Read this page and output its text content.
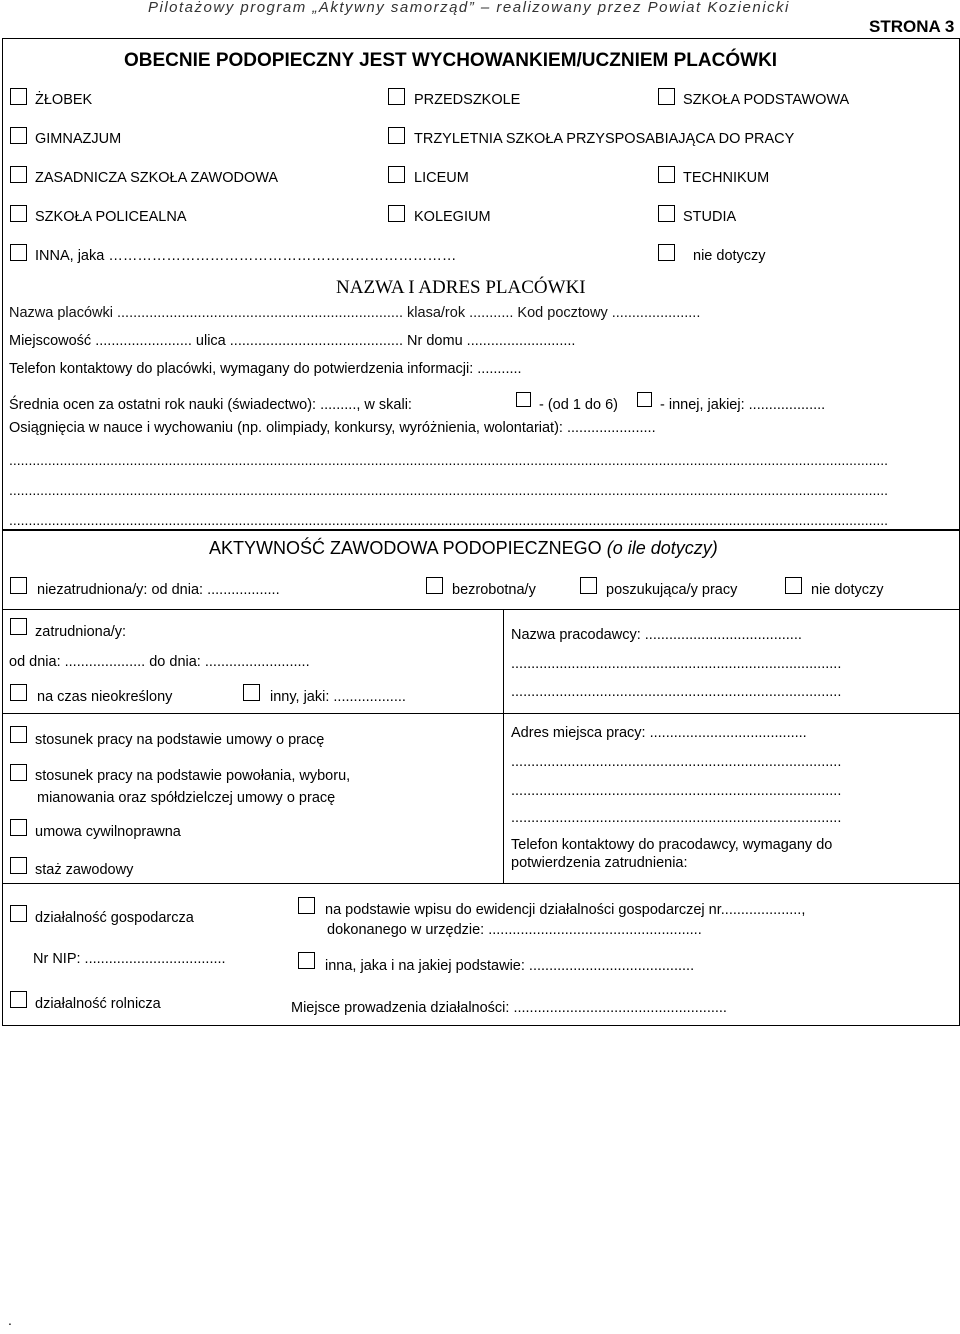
Pilotażowy program „Aktywny samorząd” – realizowany przez Powiat Kozienicki
STRONA 3
OBECNIE PODOPIECZNY JEST WYCHOWANKIEM/UCZNIEM PLACÓWKI
ŻŁOBEK	PRZEDSZKOLE	SZKOŁA PODSTAWOWA
GIMNAZJUM	TRZYLETNIA SZKOŁA PRZYSPOSABIAJĄCA DO PRACY
ZASADNICZA SZKOŁA ZAWODOWA	LICEUM	TECHNIKUM
SZKOŁA POLICEALNA	KOLEGIUM	STUDIA
INNA, jaka ………………………………………………………………	nie dotyczy
NAZWA I ADRES PLACÓWKI
Nazwa placówki ....................................................................... klasa/rok ........... Kod pocztowy ......................
Miejscowość ........................ ulica ........................................... Nr domu ...........................
Telefon kontaktowy do placówki, wymagany do potwierdzenia informacji: ...........
Średnia ocen za ostatni rok nauki (świadectwo): ........., w skali:	- (od 1 do 6)	- innej, jakiej: ...................
Osiągnięcia w nauce i wychowaniu (np. olimpiady, konkursy, wyróżnienia, wolontariat): ......................
..................................................................................................................................................................................................................................
..................................................................................................................................................................................................................................
..................................................................................................................................................................................................................................
AKTYWNOŚĆ ZAWODOWA PODOPIECZNEGO (o ile dotyczy)
niezatrudniona/y: od dnia: ..................	bezrobotna/y	poszukująca/y pracy	nie dotyczy
zatrudniona/y:
od dnia: .................... do dnia: ..........................
na czas nieokreślony	inny, jaki: ..................
stosunek pracy na podstawie umowy o pracę
stosunek pracy na podstawie powołania, wyboru,
mianowania oraz spółdzielczej umowy o pracę
umowa cywilnoprawna
staż zawodowy
Nazwa pracodawcy: .......................................
..................................................................................
..................................................................................
Adres miejsca pracy: .......................................
..................................................................................
..................................................................................
..................................................................................
Telefon kontaktowy do pracodawcy, wymagany do
potwierdzenia zatrudnienia:
działalność gospodarcza
Nr NIP: ...................................
działalność rolnicza
na podstawie wpisu do ewidencji działalności gospodarczej nr....................,
dokonanego w urzędzie: .....................................................
inna, jaka i na jakiej podstawie: .........................................
Miejsce prowadzenia działalności: .....................................................
.
